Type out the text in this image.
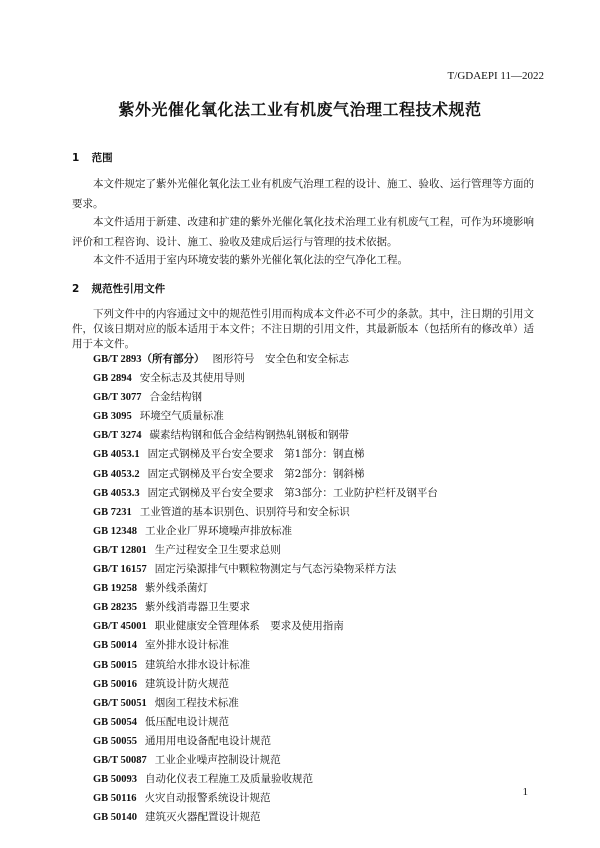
T/GDAEPI 11—2022
紫外光催化氧化法工业有机废气治理工程技术规范
1 范围

本文件规定了紫外光催化氧化法工业有机废气治理工程的设计、施工、验收、运行管理等方面的要求。

本文件适用于新建、改建和扩建的紫外光催化氧化技术治理工业有机废气工程，可作为环境影响评价和工程咨询、设计、施工、验收及建成后运行与管理的技术依据。

本文件不适用于室内环境安装的紫外光催化氧化法的空气净化工程。

2 规范性引用文件

下列文件中的内容通过文中的规范性引用而构成本文件必不可少的条款。其中，注日期的引用文件，仅该日期对应的版本适用于本文件；不注日期的引用文件，其最新版本（包括所有的修改单）适用于本文件。

GB/T 2893（所有部分） 图形符号　安全色和安全标志
GB 2894 安全标志及其使用导则
GB/T 3077 合金结构钢
GB 3095 环境空气质量标准
GB/T 3274 碳素结构钢和低合金结构钢热轧钢板和钢带
GB 4053.1 固定式钢梯及平台安全要求　第1部分：钢直梯
GB 4053.2 固定式钢梯及平台安全要求　第2部分：钢斜梯
GB 4053.3 固定式钢梯及平台安全要求　第3部分：工业防护栏杆及钢平台
GB 7231 工业管道的基本识别色、识别符号和安全标识
GB 12348 工业企业厂界环境噪声排放标准
GB/T 12801 生产过程安全卫生要求总则
GB/T 16157 固定污染源排气中颗粒物测定与气态污染物采样方法
GB 19258 紫外线杀菌灯
GB 28235 紫外线消毒器卫生要求
GB/T 45001 职业健康安全管理体系　要求及使用指南
GB 50014 室外排水设计标准
GB 50015 建筑给水排水设计标准
GB 50016 建筑设计防火规范
GB/T 50051 烟囱工程技术标准
GB 50054 低压配电设计规范
GB 50055 通用用电设备配电设计规范
GB/T 50087 工业企业噪声控制设计规范
GB 50093 自动化仪表工程施工及质量验收规范
GB 50116 火灾自动报警系统设计规范
GB 50140 建筑灭火器配置设计规范
1
